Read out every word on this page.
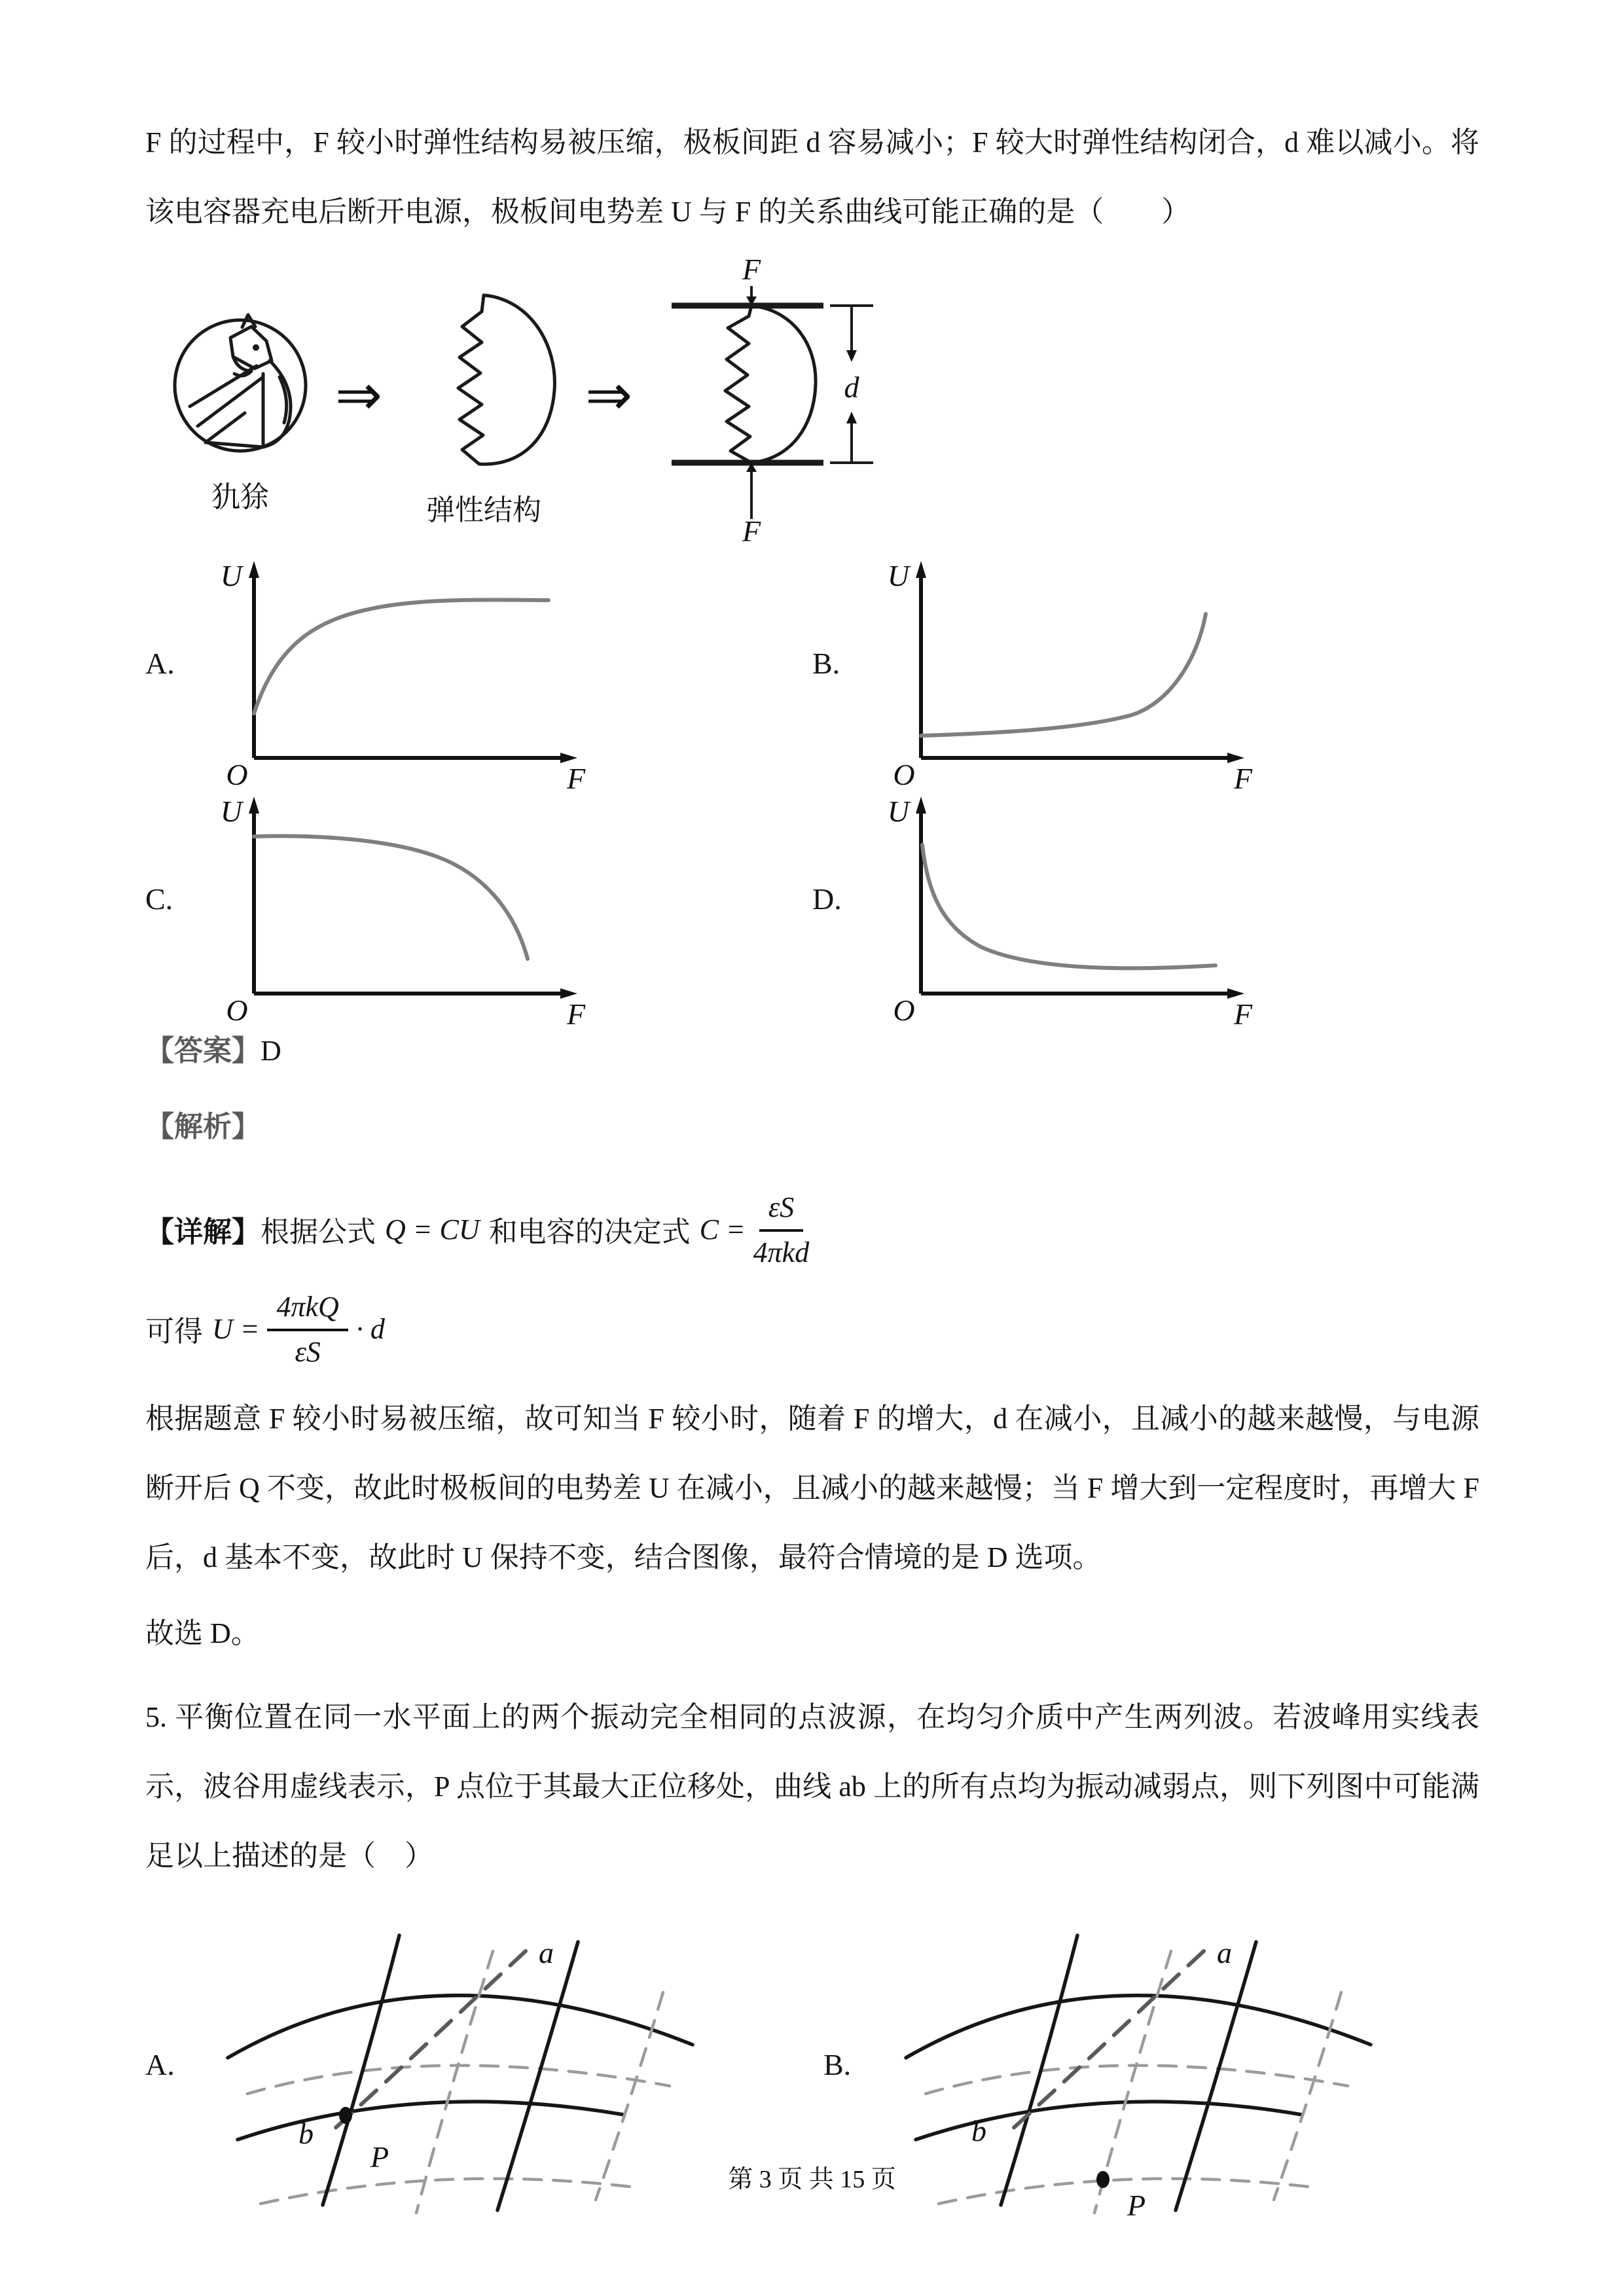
F 的过程中，F 较小时弹性结构易被压缩，极板间距 d 容易减小；F 较大时弹性结构闭合，d 难以减小。将该电容器充电后断开电源，极板间电势差 U 与 F 的关系曲线可能正确的是（　　）
犰狳
⇒
弹性结构
⇒
F
F
d
A.
U
F
O
B.
U
F
O
C.
U
F
O
D.
U
F
O
【答案】D
【解析】
【详解】 根据公式 Q = CU 和电容的决定式 $C = \frac{\varepsilon S}{\text{4πkd}}$
可得 $U = \frac{\text{4πkQ}}{\varepsilon S} \cdot d$
根据题意 F 较小时易被压缩，故可知当 F 较小时，随着 F 的增大，d 在减小，且减小的越来越慢，与电源断开后 Q 不变，故此时极板间的电势差 U 在减小，且减小的越来越慢；当 F 增大到一定程度时，再增大 F 后，d 基本不变，故此时 U 保持不变，结合图像，最符合情境的是 D 选项。
故选 D。
5. 平衡位置在同一水平面上的两个振动完全相同的点波源，在均匀介质中产生两列波。若波峰用实线表示，波谷用虚线表示，P 点位于其最大正位移处，曲线 ab 上的所有点均为振动减弱点，则下列图中可能满足以上描述的是（　）
A.
a
b
P
B.
a
b
P
第 3 页 共 15 页
